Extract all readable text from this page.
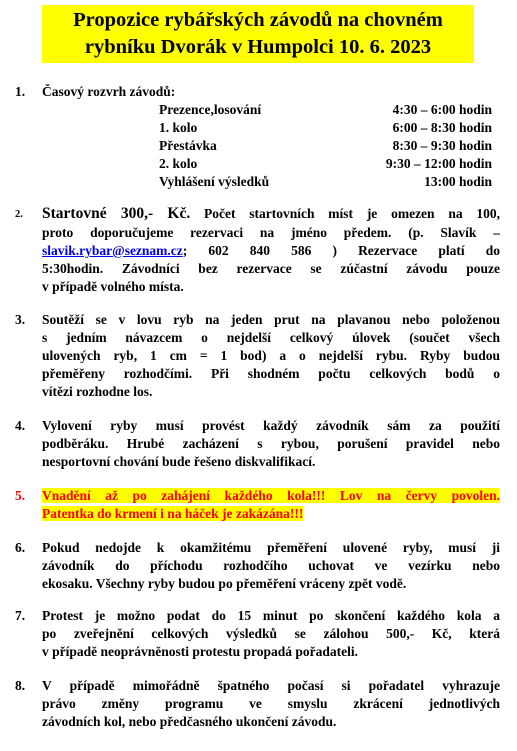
Propozice rybářských závodů na chovném
rybníku Dvorák v Humpolci 10. 6. 2023
1. Časový rozvrh závodů:
Prezence,losování	4:30 – 6:00 hodin
1. kolo	6:00 – 8:30 hodin
Přestávka	8:30 – 9:30 hodin
2. kolo	9:30 – 12:00 hodin
Vyhlášení výsledků	13:00 hodin
2. Startovné 300,- Kč. Počet startovních míst je omezen na 100,
proto doporučujeme rezervaci na jméno předem. (p. Slavík –
slavik.rybar@seznam.cz; 602 840 586 ) Rezervace platí do
5:30hodin. Závodníci bez rezervace se zúčastní závodu pouze
v případě volného místa.
3. Soutěží se v lovu ryb na jeden prut na plavanou nebo položenou
s jedním návazcem o nejdelší celkový úlovek (součet všech
ulovených ryb, 1 cm = 1 bod) a o nejdelší rybu. Ryby budou
přeměřeny rozhodčími. Při shodném počtu celkových bodů o
vítězi rozhodne los.
4. Vylovení ryby musí provést každý závodník sám za použití
podběráku. Hrubé zacházení s rybou, porušení pravidel nebo
nesportovní chování bude řešeno diskvalifikací.
5. Vnadění až po zahájení každého kola!!! Lov na červy povolen.
Patentka do krmení i na háček je zakázána!!!
6. Pokud nedojde k okamžitému přeměření ulovené ryby, musí ji
závodník do příchodu rozhodčího uchovat ve vezírku nebo
ekosaku. Všechny ryby budou po přeměření vráceny zpět vodě.
7. Protest je možno podat do 15 minut po skončení každého kola a
po zveřejnění celkových výsledků se zálohou 500,- Kč, která
v případě neoprávněnosti protestu propadá pořadateli.
8. V případě mimořádně špatného počasí si pořadatel vyhrazuje
právo změny programu ve smyslu zkrácení jednotlivých
závodních kol, nebo předčasného ukončení závodu.
